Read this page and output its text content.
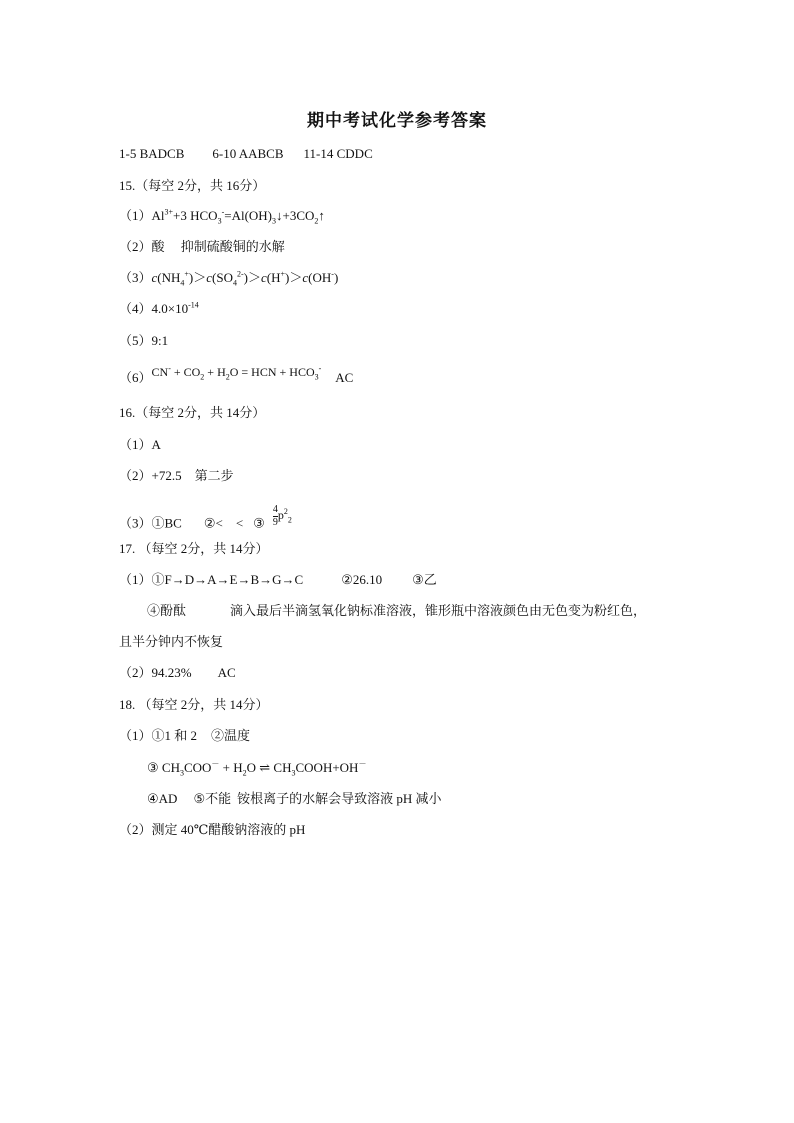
期中考试化学参考答案
1-5 BADCB 6-10 AABCB 11-14 CDDC
15.（每空 2分，共 16分）
$(1)Al^{3+}+3$ $HCO_3^-=Al(OH)_3↓+3CO_2↑$
（2）酸　 抑制硫酸铜的水解
$(3)c(NH_4^+)>c(SO_4^{2-})>c(H^+)>c(OH^-)$
$(4)4.0\times 10^{-14}$
（5）9:1
$(6)CN^- + CO_2 + H_2O$ = HCN + $HCO_3^-AC$
16.（每空 2分，共 14分）
（1）A
（2）+72.5　第二步
（3）①BC ②<　< ③ $\frac{4}{9} p^2_2$
17. （每空 2分，共 14分）
（1）①F→D→A→E→B→G→C	②26.10 ③乙
④酚酞	滴入最后半滴氢氧化钠标准溶液，锥形瓶中溶液颜色由无色变为粉红色，
且半分钟内不恢复
（2）94.23%　　AC
18. （每空 2分，共 14分）
（1）①1 和 2 ②温度
③ $CH_3COO^- + H_2O$ ⇌ $CH_3COOH+OH^-$
④AD ⑤不能 铵根离子的水解会导致溶液 pH 减小
（2）测定 40℃醋酸钠溶液的 pH
